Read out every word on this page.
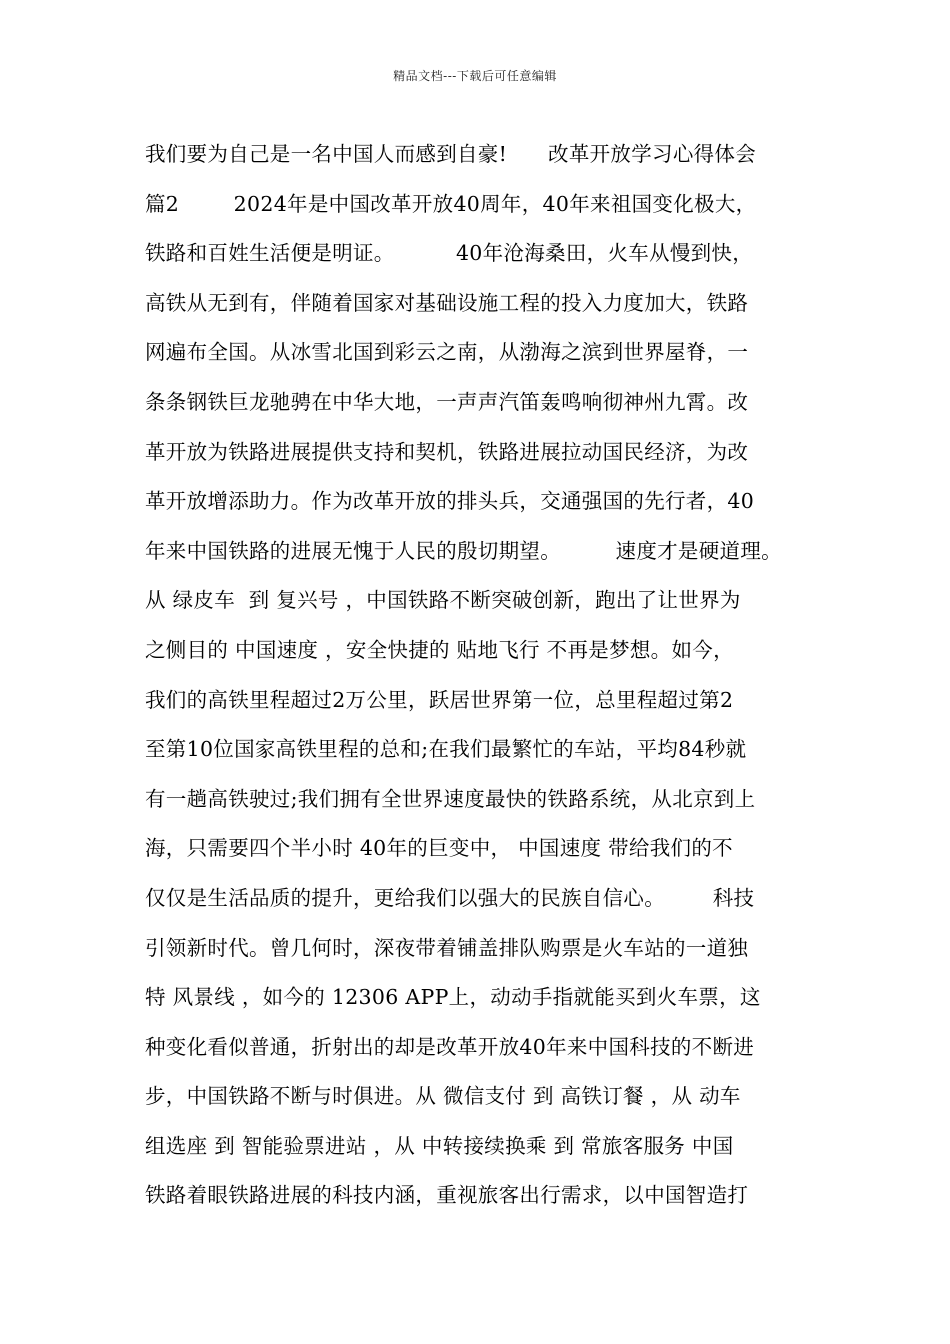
精品文档---下载后可任意编辑
我们要为自己是一名中国人而感到自豪!      改革开放学习心得体会
篇2        2024年是中国改革开放40周年，40年来祖国变化极大，
铁路和百姓生活便是明证。         40年沧海桑田，火车从慢到快，
高铁从无到有，伴随着国家对基础设施工程的投入力度加大，铁路
网遍布全国。从冰雪北国到彩云之南，从渤海之滨到世界屋脊，一
条条钢铁巨龙驰骋在中华大地，一声声汽笛轰鸣响彻神州九霄。改
革开放为铁路进展提供支持和契机，铁路进展拉动国民经济，为改
革开放增添助力。作为改革开放的排头兵，交通强国的先行者，40
年来中国铁路的进展无愧于人民的殷切期望。        速度才是硬道理。
从 绿皮车  到 复兴号 ，中国铁路不断突破创新，跑出了让世界为
之侧目的 中国速度 ，安全快捷的 贴地飞行 不再是梦想。如今，
我们的高铁里程超过2万公里，跃居世界第一位，总里程超过第2
至第10位国家高铁里程的总和;在我们最繁忙的车站，平均84秒就
有一趟高铁驶过;我们拥有全世界速度最快的铁路系统，从北京到上
海，只需要四个半小时 40年的巨变中， 中国速度 带给我们的不
仅仅是生活品质的提升，更给我们以强大的民族自信心。       科技
引领新时代。曾几何时，深夜带着铺盖排队购票是火车站的一道独
特 风景线 ，如今的 12306 APP上，动动手指就能买到火车票，这
种变化看似普通，折射出的却是改革开放40年来中国科技的不断进
步，中国铁路不断与时俱进。从 微信支付 到 高铁订餐 ，从 动车
组选座 到 智能验票进站 ，从 中转接续换乘 到 常旅客服务 中国
铁路着眼铁路进展的科技内涵，重视旅客出行需求，以中国智造打
